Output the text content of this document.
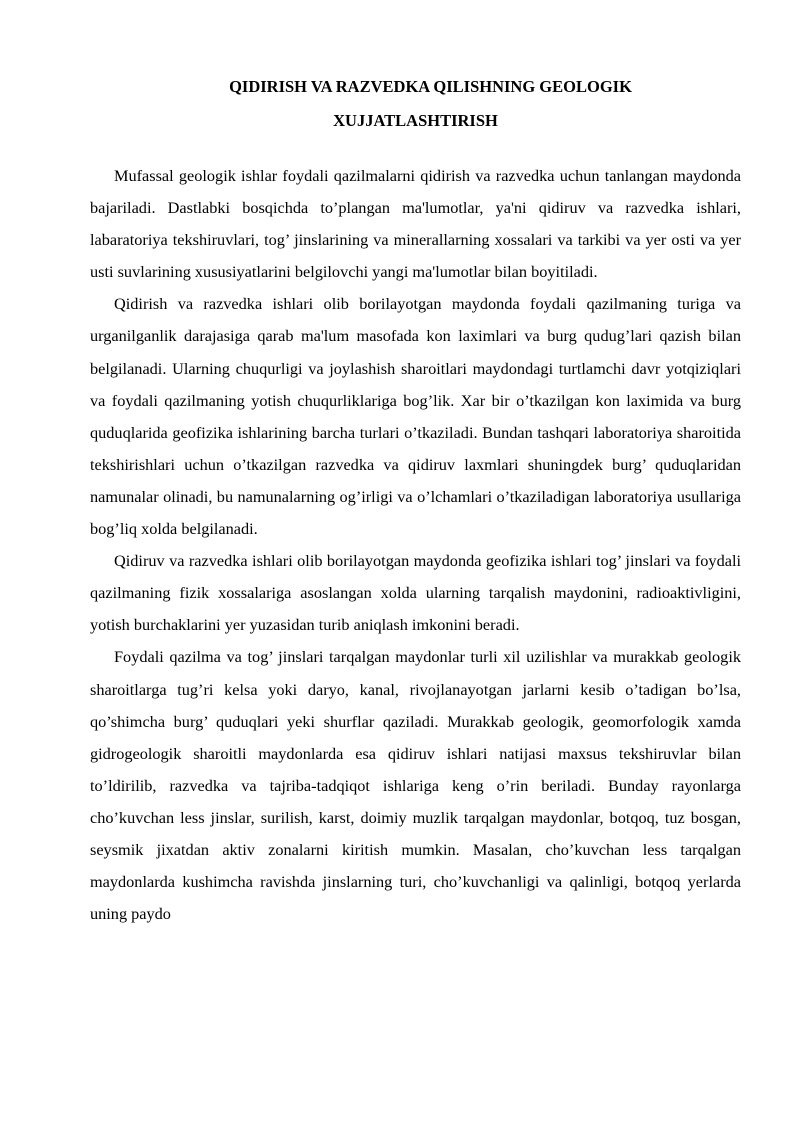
QIDIRISH VA RAZVEDKA QILISHNING GEOLOGIK
XUJJATLASHTIRISH

Mufassal geologik ishlar foydali qazilmalarni qidirish va razvedka uchun tanlangan maydonda bajariladi. Dastlabki bosqichda to’plangan ma'lumotlar, ya'ni qidiruv va razvedka ishlari, labaratoriya tekshiruvlari, tog’ jinslarining va minerallarning xossalari va tarkibi va yer osti va yer usti suvlarining xususiyatlarini belgilovchi yangi ma'lumotlar bilan boyitiladi.

Qidirish va razvedka ishlari olib borilayotgan maydonda foydali qazilmaning turiga va urganilganlik darajasiga qarab ma'lum masofada kon laximlari va burg qudug’lari qazish bilan belgilanadi. Ularning chuqurligi va joylashish sharoitlari maydondagi turtlamchi davr yotqiziqlari va foydali qazilmaning yotish chuqurliklariga bog’lik. Xar bir o’tkazilgan kon laximida va burg quduqlarida geofizika ishlarining barcha turlari o’tkaziladi. Bundan tashqari laboratoriya sharoitida tekshirishlari uchun o’tkazilgan razvedka va qidiruv laxmlari shuningdek burg’ quduqlaridan namunalar olinadi, bu namunalarning og’irligi va o’lchamlari o’tkaziladigan laboratoriya usullariga bog’liq xolda belgilanadi.

Qidiruv va razvedka ishlari olib borilayotgan maydonda geofizika ishlari tog’ jinslari va foydali qazilmaning fizik xossalariga asoslangan xolda ularning tarqalish maydonini, radioaktivligini, yotish burchaklarini yer yuzasidan turib aniqlash imkonini beradi.

Foydali qazilma va tog’ jinslari tarqalgan maydonlar turli xil uzilishlar va murakkab geologik sharoitlarga tug’ri kelsa yoki daryo, kanal, rivojlanayotgan jarlarni kesib o’tadigan bo’lsa, qo’shimcha burg’ quduqlari yeki shurflar qaziladi. Murakkab geologik, geomorfologik xamda gidrogeologik sharoitli maydonlarda esa qidiruv ishlari natijasi maxsus tekshiruvlar bilan to’ldirilib, razvedka va tajriba-tadqiqot ishlariga keng o’rin beriladi. Bunday rayonlarga cho’kuvchan less jinslar, surilish, karst, doimiy muzlik tarqalgan maydonlar, botqoq, tuz bosgan, seysmik jixatdan aktiv zonalarni kiritish mumkin. Masalan, cho’kuvchan less tarqalgan maydonlarda kushimcha ravishda jinslarning turi, cho’kuvchanligi va qalinligi, botqoq yerlarda uning paydo
